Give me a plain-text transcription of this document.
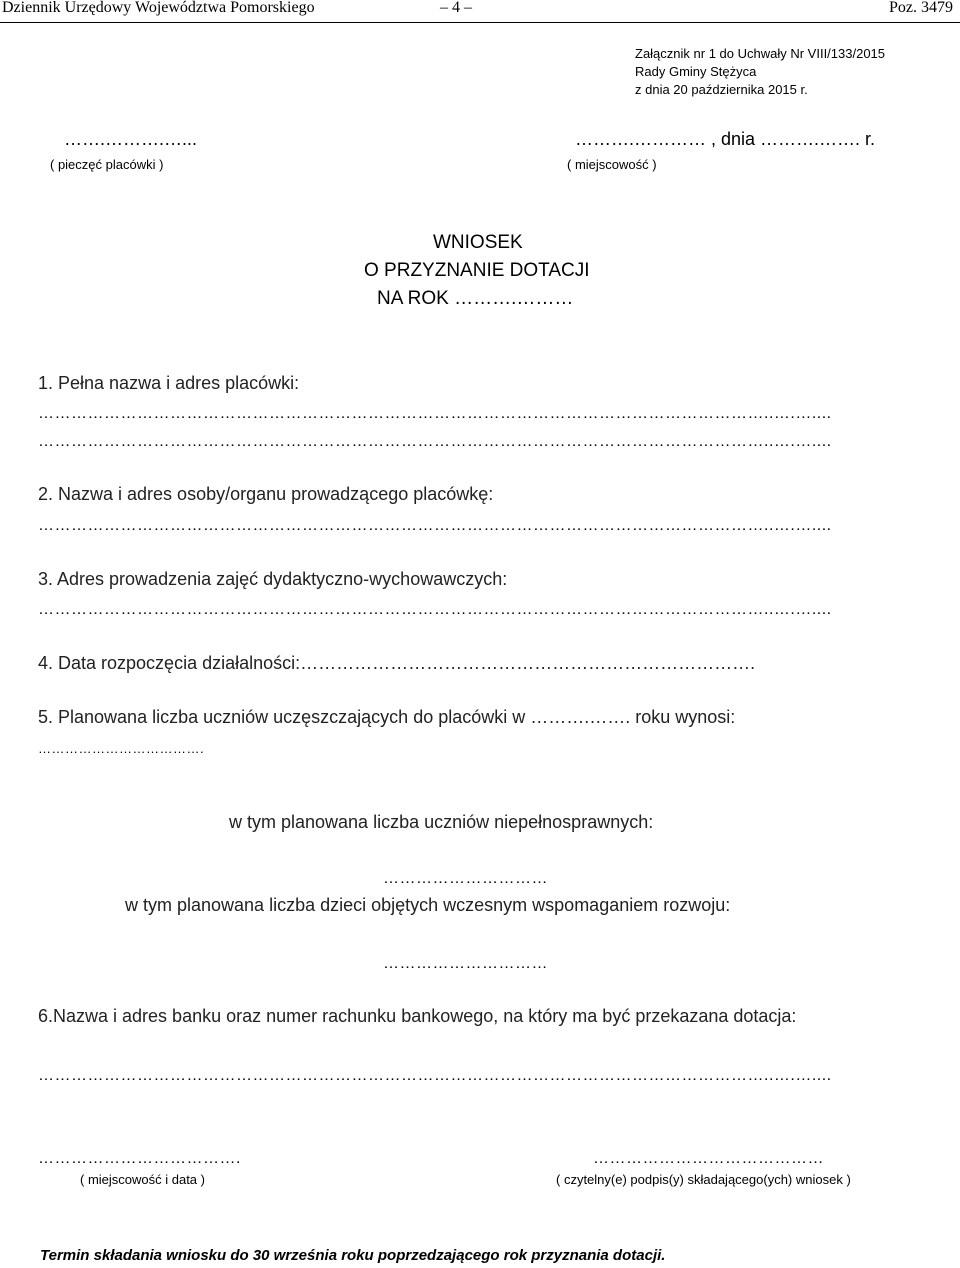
Dziennik Urzędowy Województwa Pomorskiego	– 4 –	Poz. 3479
Załącznik nr 1 do Uchwały Nr VIII/133/2015
Rady Gminy Stężyca
z dnia 20 października 2015 r.
…….……….…...
( pieczęć placówki )
……….………… , dnia ……….……. r.
( miejscowość )
WNIOSEK
O PRZYZNANIE DOTACJI
NA ROK ……….………
1. Pełna nazwa i adres placówki:
……………………………………………………………………………………………………………………..….…....
……………………………………………………………………………………………………………………..….…....
2. Nazwa i adres osoby/organu prowadzącego placówkę:
……………………………………………………………………………………………………………………..….…....
3. Adres prowadzenia zajęć dydaktyczno-wychowawczych:
……………………………………………………………………………………………………………………..….…....
4. Data rozpoczęcia działalności:………………………………………………………………….
5. Planowana liczba uczniów uczęszczających do placówki w ……….……. roku wynosi:
……………………………….
w tym planowana liczba uczniów niepełnosprawnych:
…………………………
w tym planowana liczba dzieci objętych wczesnym wspomaganiem rozwoju:
…………………………
6.Nazwa i adres banku oraz numer rachunku bankowego, na który ma być przekazana dotacja:
……………………………………………………………………………………………………………………..….…....
……………………………….
( miejscowość i data )
……………………………………
( czytelny(e) podpis(y) składającego(ych) wniosek )
Termin składania wniosku do 30 września roku poprzedzającego rok przyznania dotacji.
